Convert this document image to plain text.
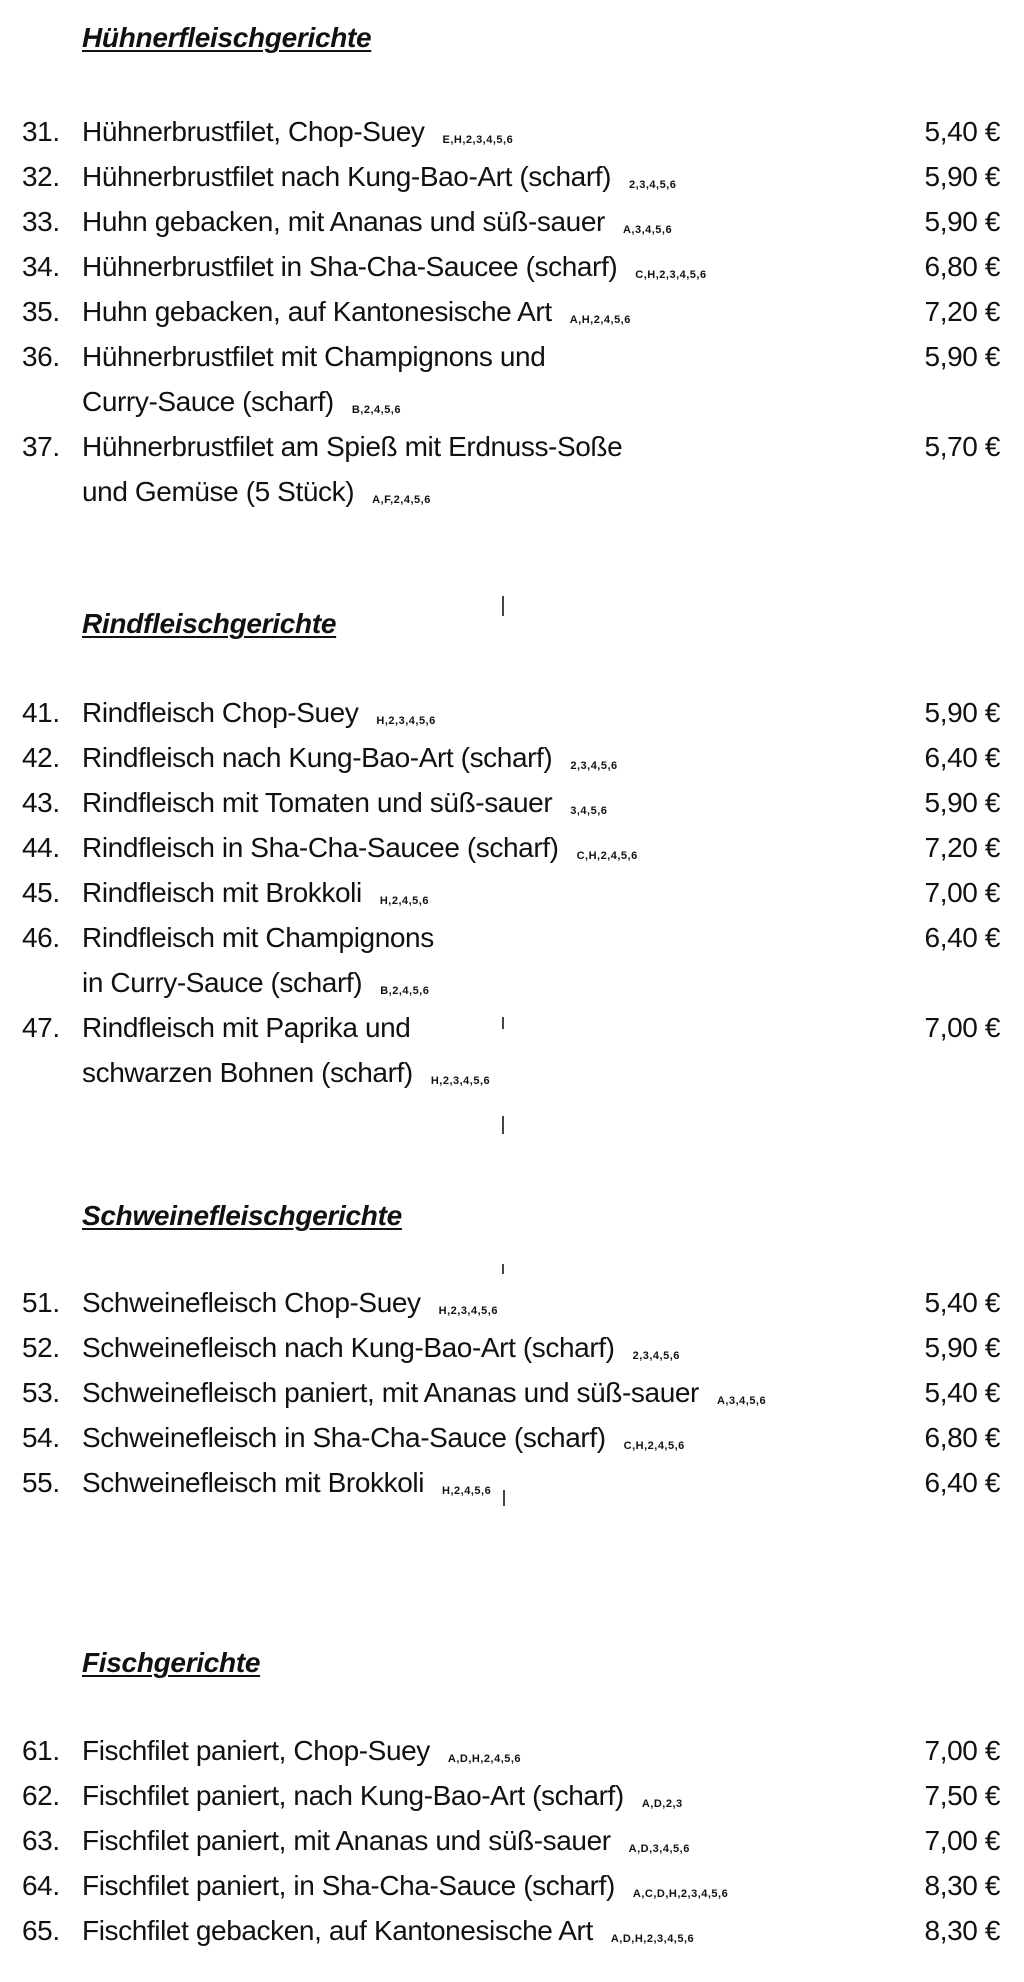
Hühnerfleischgerichte
31. Hühnerbrustfilet, Chop-Suey E,H,2,3,4,5,6	5,40 €
32. Hühnerbrustfilet nach Kung-Bao-Art (scharf) 2,3,4,5,6	5,90 €
33. Huhn gebacken, mit Ananas und süß-sauer A,3,4,5,6	5,90 €
34. Hühnerbrustfilet in Sha-Cha-Saucee (scharf) C,H,2,3,4,5,6	6,80 €
35. Huhn gebacken, auf Kantonesische Art A,H,2,4,5,6	7,20 €
36. Hühnerbrustfilet mit Champignons und
Curry-Sauce (scharf) B,2,4,5,6
5,90 €
37. Hühnerbrustfilet am Spieß mit Erdnuss-Soße
und Gemüse (5 Stück) A,F,2,4,5,6
5,70 €
Rindfleischgerichte
41. Rindfleisch Chop-Suey H,2,3,4,5,6	5,90 €
42. Rindfleisch nach Kung-Bao-Art (scharf) 2,3,4,5,6	6,40 €
43. Rindfleisch mit Tomaten und süß-sauer 3,4,5,6	5,90 €
44. Rindfleisch in Sha-Cha-Saucee (scharf) C,H,2,4,5,6	7,20 €
45. Rindfleisch mit Brokkoli H,2,4,5,6	7,00 €
46. Rindfleisch mit Champignons
in Curry-Sauce (scharf) B,2,4,5,6
6,40 €
47. Rindfleisch mit Paprika und
schwarzen Bohnen (scharf) H,2,3,4,5,6
7,00 €
Schweinefleischgerichte
51. Schweinefleisch Chop-Suey H,2,3,4,5,6	5,40 €
52. Schweinefleisch nach Kung-Bao-Art (scharf) 2,3,4,5,6	5,90 €
53. Schweinefleisch paniert, mit Ananas und süß-sauer A,3,4,5,6	5,40 €
54. Schweinefleisch in Sha-Cha-Sauce (scharf) C,H,2,4,5,6	6,80 €
55. Schweinefleisch mit Brokkoli H,2,4,5,6	6,40 €
Fischgerichte
61. Fischfilet paniert, Chop-Suey A,D,H,2,4,5,6	7,00 €
62. Fischfilet paniert, nach Kung-Bao-Art (scharf) A,D,2,3	7,50 €
63. Fischfilet paniert, mit Ananas und süß-sauer A,D,3,4,5,6	7,00 €
64. Fischfilet paniert, in Sha-Cha-Sauce (scharf) A,C,D,H,2,3,4,5,6	8,30 €
65. Fischfilet gebacken, auf Kantonesische Art A,D,H,2,3,4,5,6	8,30 €
